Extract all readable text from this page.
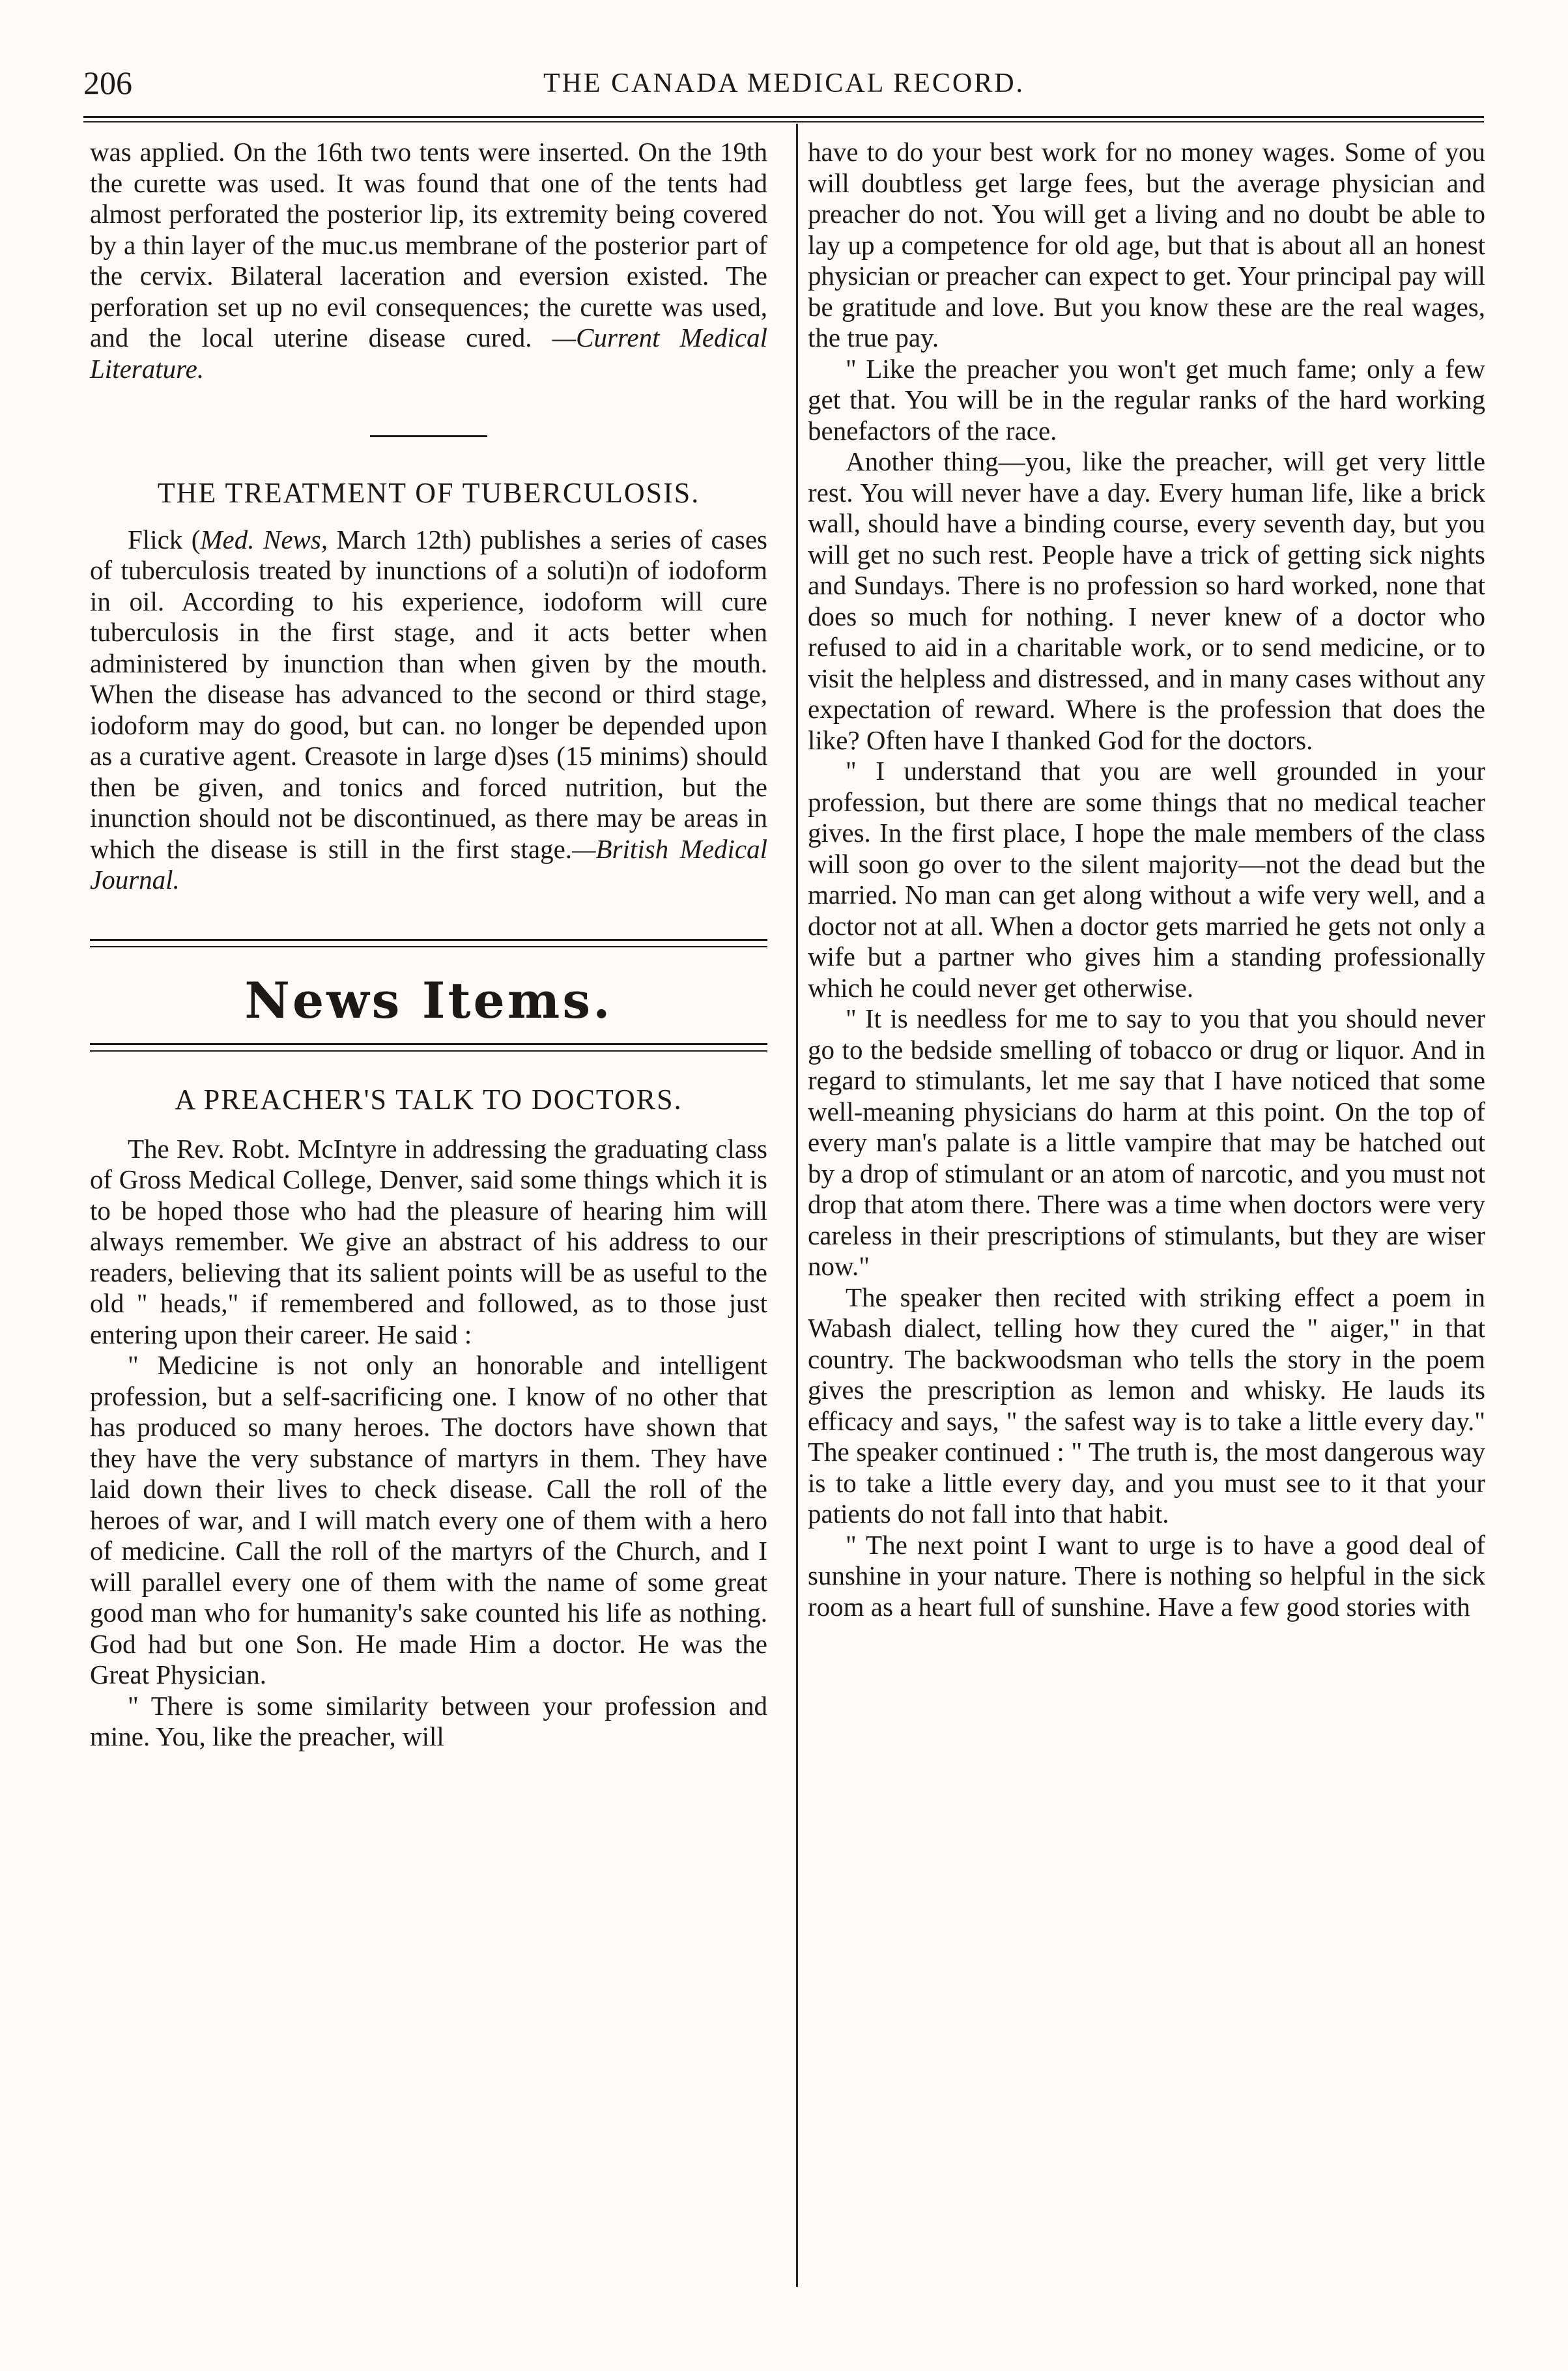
206	THE CANADA MEDICAL RECORD.

was applied. On the 16th two tents were inserted. On the 19th the curette was used. It was found that one of the tents had almost perforated the posterior lip, its extremity being covered by a thin layer of the muc.us membrane of the posterior part of the cervix. Bilateral laceration and eversion existed. The perforation set up no evil consequences; the curette was used, and the local uterine disease cured. —Current Medical Literature.

THE TREATMENT OF TUBERCULOSIS.

Flick (Med. News, March 12th) publishes a series of cases of tuberculosis treated by inunctions of a soluti)n of iodoform in oil. According to his experience, iodoform will cure tuberculosis in the first stage, and it acts better when administered by inunction than when given by the mouth. When the disease has advanced to the second or third stage, iodoform may do good, but can. no longer be depended upon as a curative agent. Creasote in large d)ses (15 minims) should then be given, and tonics and forced nutrition, but the inunction should not be discontinued, as there may be areas in which the disease is still in the first stage.—British Medical Journal.

News Items.
A PREACHER'S TALK TO DOCTORS.

The Rev. Robt. McIntyre in addressing the graduating class of Gross Medical College, Denver, said some things which it is to be hoped those who had the pleasure of hearing him will always remember. We give an abstract of his address to our readers, believing that its salient points will be as useful to the old " heads," if remembered and followed, as to those just entering upon their career. He said :

" Medicine is not only an honorable and intelligent profession, but a self-sacrificing one. I know of no other that has produced so many heroes. The doctors have shown that they have the very substance of martyrs in them. They have laid down their lives to check disease. Call the roll of the heroes of war, and I will match every one of them with a hero of medicine. Call the roll of the martyrs of the Church, and I will parallel every one of them with the name of some great good man who for humanity's sake counted his life as nothing. God had but one Son. He made Him a doctor. He was the Great Physician.

" There is some similarity between your profession and mine. You, like the preacher, will

have to do your best work for no money wages. Some of you will doubtless get large fees, but the average physician and preacher do not. You will get a living and no doubt be able to lay up a competence for old age, but that is about all an honest physician or preacher can expect to get. Your principal pay will be gratitude and love. But you know these are the real wages, the true pay.

" Like the preacher you won't get much fame; only a few get that. You will be in the regular ranks of the hard working benefactors of the race.

Another thing—you, like the preacher, will get very little rest. You will never have a day. Every human life, like a brick wall, should have a binding course, every seventh day, but you will get no such rest. People have a trick of getting sick nights and Sundays. There is no profession so hard worked, none that does so much for nothing. I never knew of a doctor who refused to aid in a charitable work, or to send medicine, or to visit the helpless and distressed, and in many cases without any expectation of reward. Where is the profession that does the like? Often have I thanked God for the doctors.

" I understand that you are well grounded in your profession, but there are some things that no medical teacher gives. In the first place, I hope the male members of the class will soon go over to the silent majority—not the dead but the married. No man can get along without a wife very well, and a doctor not at all. When a doctor gets married he gets not only a wife but a partner who gives him a standing professionally which he could never get otherwise.

" It is needless for me to say to you that you should never go to the bedside smelling of tobacco or drug or liquor. And in regard to stimulants, let me say that I have noticed that some well-meaning physicians do harm at this point. On the top of every man's palate is a little vampire that may be hatched out by a drop of stimulant or an atom of narcotic, and you must not drop that atom there. There was a time when doctors were very careless in their prescriptions of stimulants, but they are wiser now."

The speaker then recited with striking effect a poem in Wabash dialect, telling how they cured the " aiger," in that country. The backwoodsman who tells the story in the poem gives the prescription as lemon and whisky. He lauds its efficacy and says, " the safest way is to take a little every day." The speaker continued : " The truth is, the most dangerous way is to take a little every day, and you must see to it that your patients do not fall into that habit.

" The next point I want to urge is to have a good deal of sunshine in your nature. There is nothing so helpful in the sick room as a heart full of sunshine. Have a few good stories with
